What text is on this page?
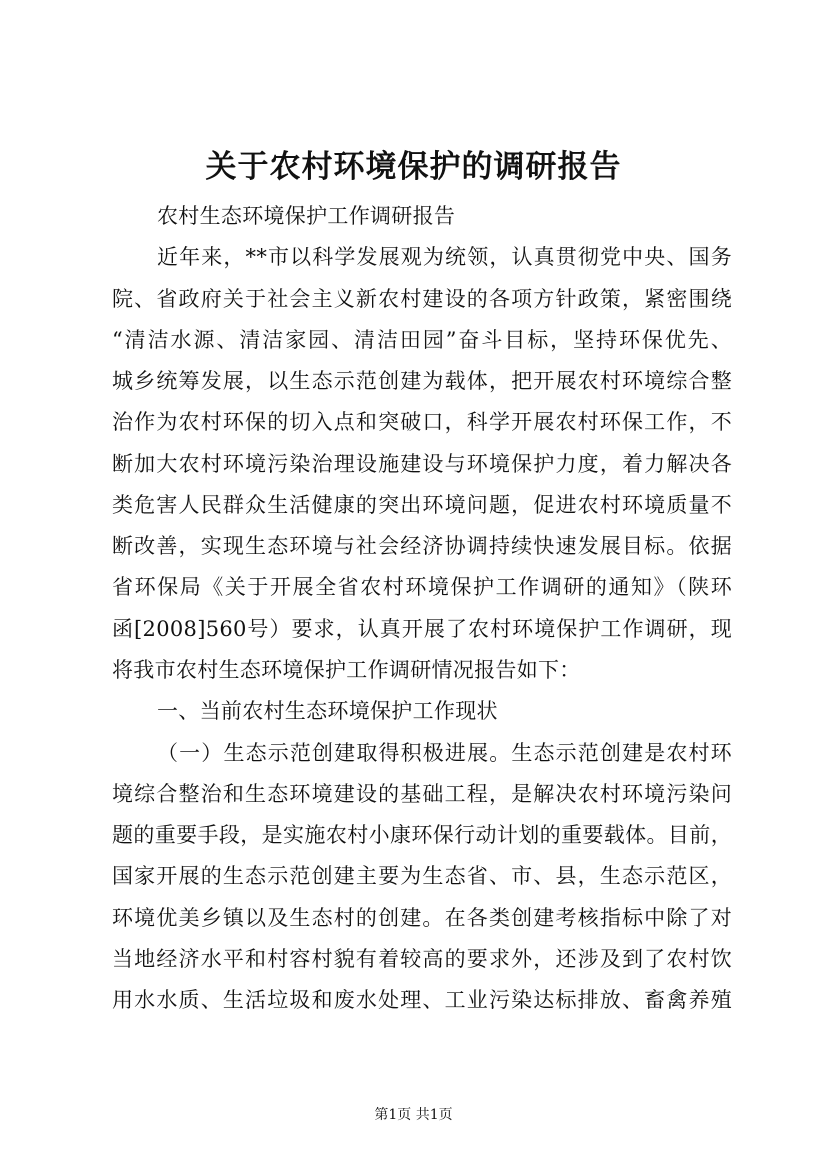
关于农村环境保护的调研报告
农村生态环境保护工作调研报告
近年来，**市以科学发展观为统领，认真贯彻党中央、国务
院、省政府关于社会主义新农村建设的各项方针政策，紧密围绕
“清洁水源、清洁家园、清洁田园”奋斗目标，坚持环保优先、
城乡统筹发展，以生态示范创建为载体，把开展农村环境综合整
治作为农村环保的切入点和突破口，科学开展农村环保工作，不
断加大农村环境污染治理设施建设与环境保护力度，着力解决各
类危害人民群众生活健康的突出环境问题，促进农村环境质量不
断改善，实现生态环境与社会经济协调持续快速发展目标。依据
省环保局《关于开展全省农村环境保护工作调研的通知》（陕环
函[2008]560号）要求，认真开展了农村环境保护工作调研，现
将我市农村生态环境保护工作调研情况报告如下：
一、当前农村生态环境保护工作现状
（一）生态示范创建取得积极进展。生态示范创建是农村环
境综合整治和生态环境建设的基础工程，是解决农村环境污染问
题的重要手段，是实施农村小康环保行动计划的重要载体。目前，
国家开展的生态示范创建主要为生态省、市、县，生态示范区，
环境优美乡镇以及生态村的创建。在各类创建考核指标中除了对
当地经济水平和村容村貌有着较高的要求外，还涉及到了农村饮
用水水质、生活垃圾和废水处理、工业污染达标排放、畜禽养殖
第1页 共1页
